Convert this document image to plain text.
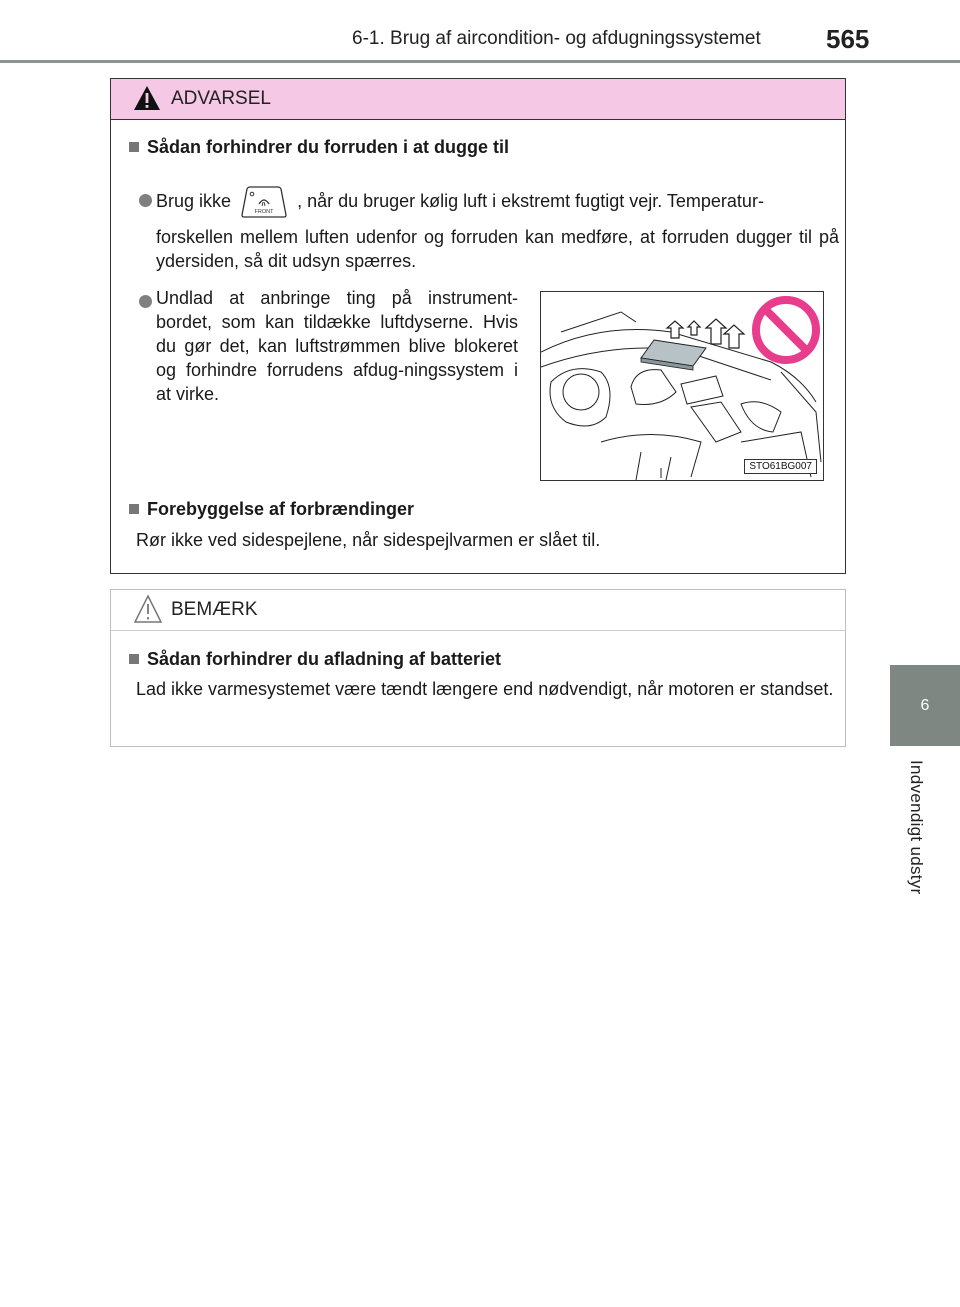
6-1. Brug af aircondition- og afdugningssystemet	565
6
Indvendigt udstyr
ADVARSEL
Sådan forhindrer du forruden i at dugge til
Brug ikke
FRONT
, når du bruger kølig luft i ekstremt fugtigt vejr. Temperatur-
forskellen mellem luften udenfor og forruden kan medføre, at forruden dugger til på ydersiden, så dit udsyn spærres.
Undlad at anbringe ting på instrument-bordet, som kan tildække luftdyserne. Hvis du gør det, kan luftstrømmen blive blokeret og forhindre forrudens afdug-ningssystem i at virke.
STO61BG007
Forebyggelse af forbrændinger
Rør ikke ved sidespejlene, når sidespejlvarmen er slået til.
BEMÆRK
Sådan forhindrer du afladning af batteriet
Lad ikke varmesystemet være tændt længere end nødvendigt, når motoren er standset.
